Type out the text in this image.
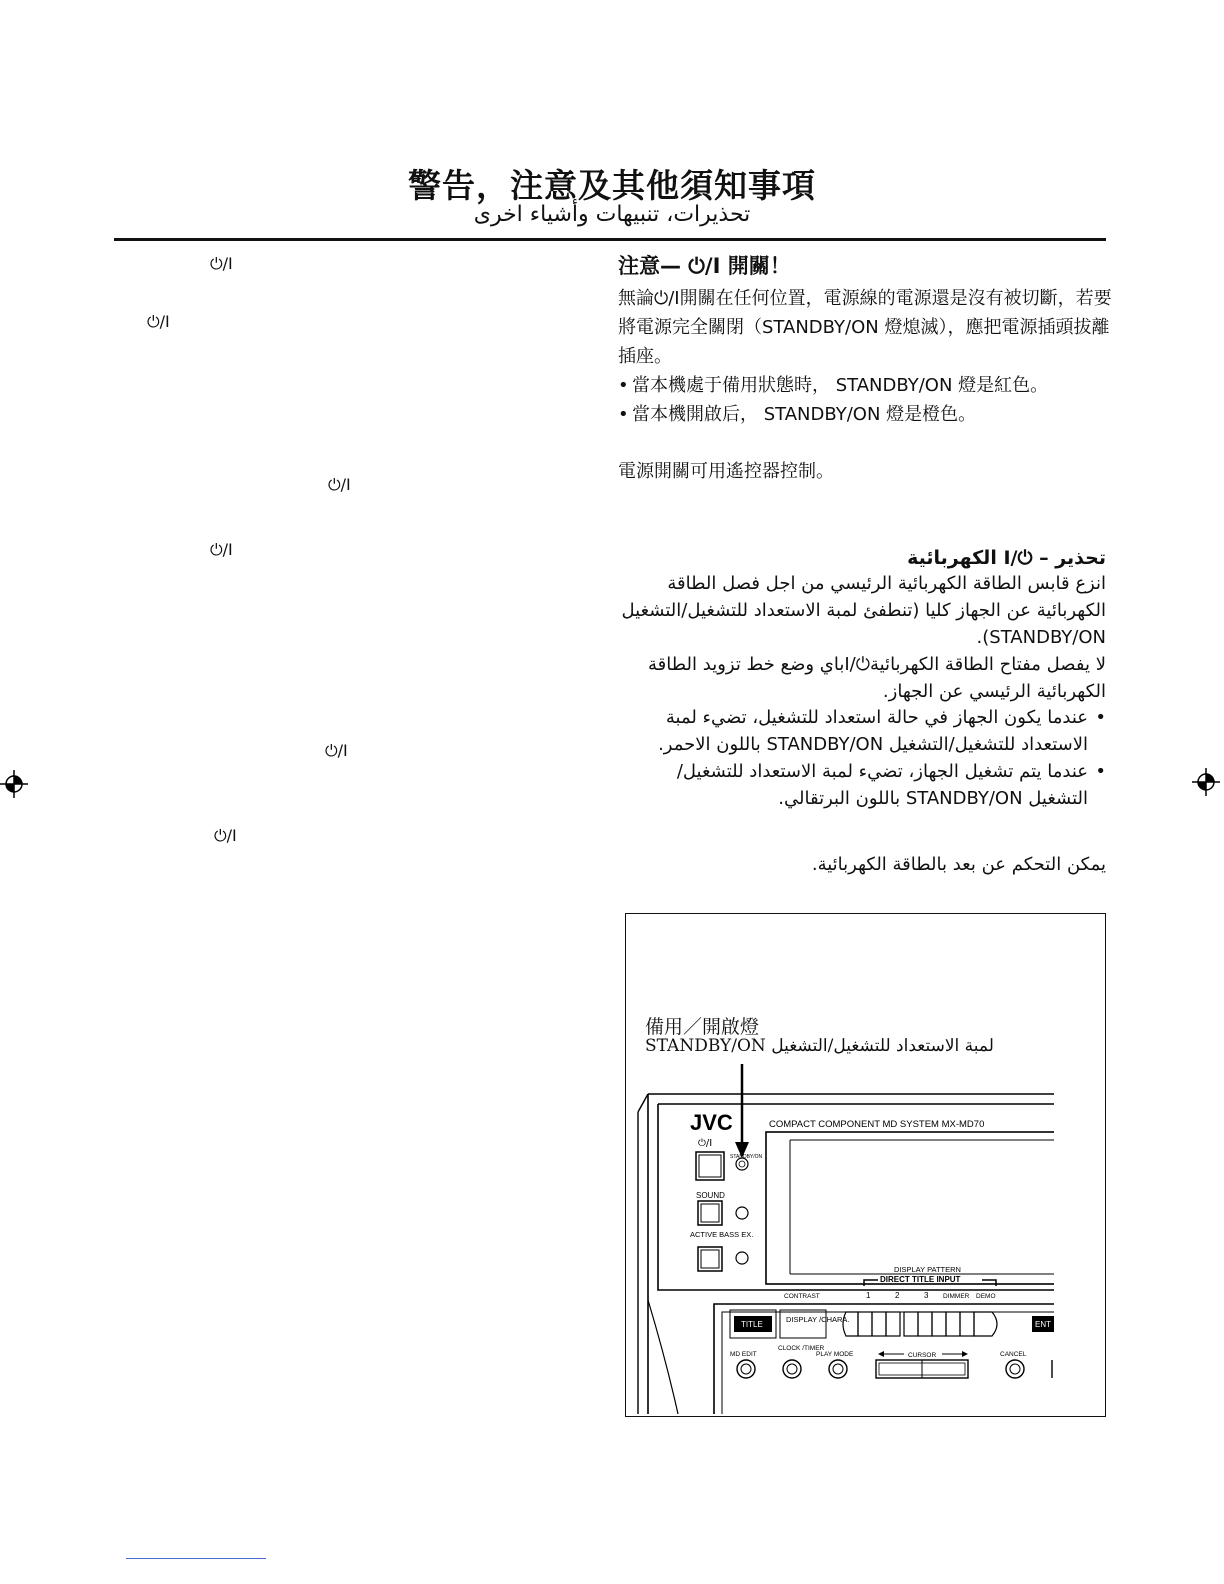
警告，注意及其他須知事項
تحذيرات، تنبيهات وأشياء اخرى
⏻/I
⏻/I
⏻/I
⏻/I
⏻/I
⏻/I
注意— ⏻/I 開關！
無論⏻/I開關在任何位置，電源線的電源還是沒有被切斷，若要將電源完全關閉（STANDBY/ON 燈熄滅），應把電源插頭拔離插座。
• 當本機處于備用狀態時， STANDBY/ON 燈是紅色。
• 當本機開啟后， STANDBY/ON 燈是橙色。
電源開關可用遙控器控制。
تحذير – ⏻/I الكهربائية
انزع قابس الطاقة الكهربائية الرئيسي من اجل فصل الطاقة الكهربائية عن الجهاز كليا (تنطفئ لمبة الاستعداد للتشغيل/التشغيل STANDBY/ON).
لا يفصل مفتاح الطاقة الكهربائية⏻/Iباي وضع خط تزويد الطاقة الكهربائية الرئيسي عن الجهاز.
• عندما يكون الجهاز في حالة استعداد للتشغيل، تضيء لمبة الاستعداد للتشغيل/التشغيل STANDBY/ON باللون الاحمر.
• عندما يتم تشغيل الجهاز، تضيء لمبة الاستعداد للتشغيل/التشغيل STANDBY/ON باللون البرتقالي.
يمكن التحكم عن بعد بالطاقة الكهربائية.
備用／開啟燈
STANDBY/ON لمبة الاستعداد للتشغيل/التشغيل
JVC	COMPACT COMPONENT MD SYSTEM MX-MD70
⏻/I
STANDBY/ON
SOUND
ACTIVE BASS EX.
DISPLAY PATTERN
DIRECT TITLE INPUT
CONTRAST	1	2	3 DIMMER DEMO
TITLE
DISPLAY /CHARA.
ENT
MD EDIT
CLOCK /TIMER
PLAY MODE	CURSOR	CANCEL
